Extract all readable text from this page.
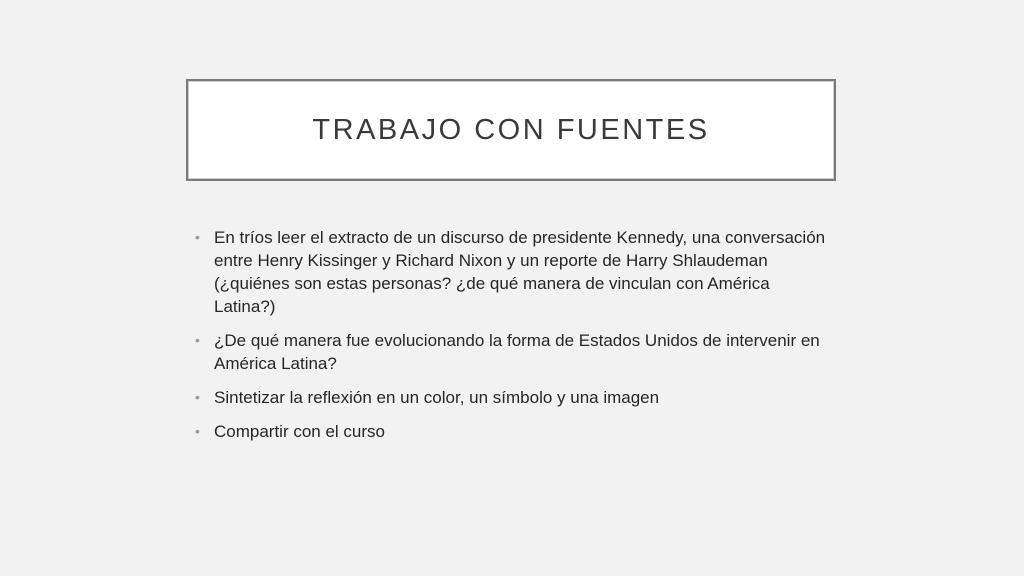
TRABAJO CON FUENTES
• En tríos leer el extracto de un discurso de presidente Kennedy, una conversación entre Henry Kissinger y Richard Nixon y un reporte de Harry Shlaudeman (¿quiénes son estas personas? ¿de qué manera de vinculan con América Latina?)
• ¿De qué manera fue evolucionando la forma de Estados Unidos de intervenir en América Latina?
• Sintetizar la reflexión en un color, un símbolo y una imagen
• Compartir con el curso
